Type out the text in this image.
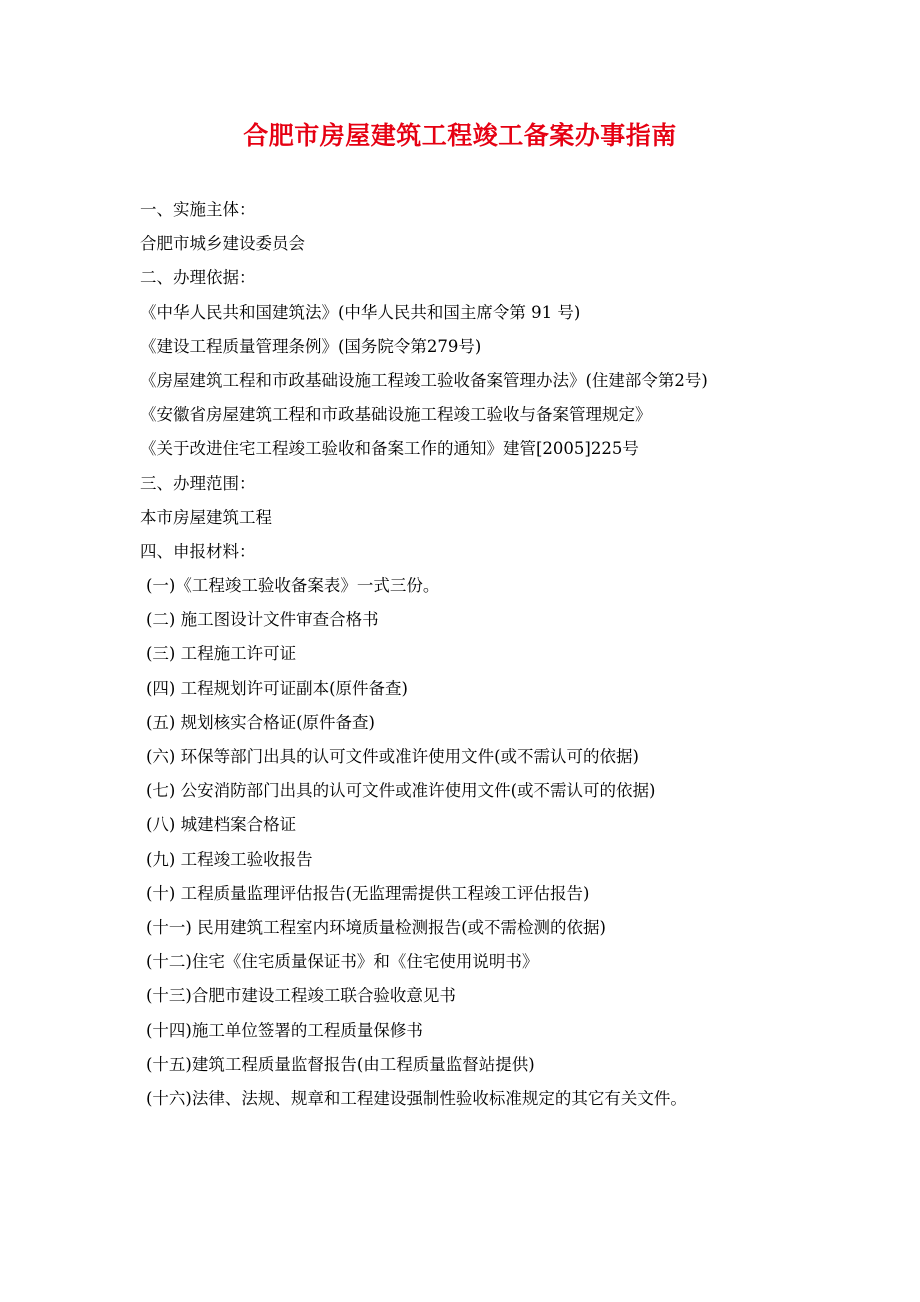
合肥市房屋建筑工程竣工备案办事指南
一、实施主体：
合肥市城乡建设委员会
二、办理依据：
《中华人民共和国建筑法》(中华人民共和国主席令第 91 号)
《建设工程质量管理条例》(国务院令第279号)
《房屋建筑工程和市政基础设施工程竣工验收备案管理办法》(住建部令第2号)
《安徽省房屋建筑工程和市政基础设施工程竣工验收与备案管理规定》
《关于改进住宅工程竣工验收和备案工作的通知》建管[2005]225号
三、办理范围：
本市房屋建筑工程
四、申报材料：
(一)《工程竣工验收备案表》一式三份。
(二) 施工图设计文件审查合格书
(三) 工程施工许可证
(四) 工程规划许可证副本(原件备查)
(五) 规划核实合格证(原件备查)
(六) 环保等部门出具的认可文件或准许使用文件(或不需认可的依据)
(七) 公安消防部门出具的认可文件或准许使用文件(或不需认可的依据)
(八) 城建档案合格证
(九) 工程竣工验收报告
(十) 工程质量监理评估报告(无监理需提供工程竣工评估报告)
(十一) 民用建筑工程室内环境质量检测报告(或不需检测的依据)
(十二)住宅《住宅质量保证书》和《住宅使用说明书》
(十三)合肥市建设工程竣工联合验收意见书
(十四)施工单位签署的工程质量保修书
(十五)建筑工程质量监督报告(由工程质量监督站提供)
(十六)法律、法规、规章和工程建设强制性验收标准规定的其它有关文件。
